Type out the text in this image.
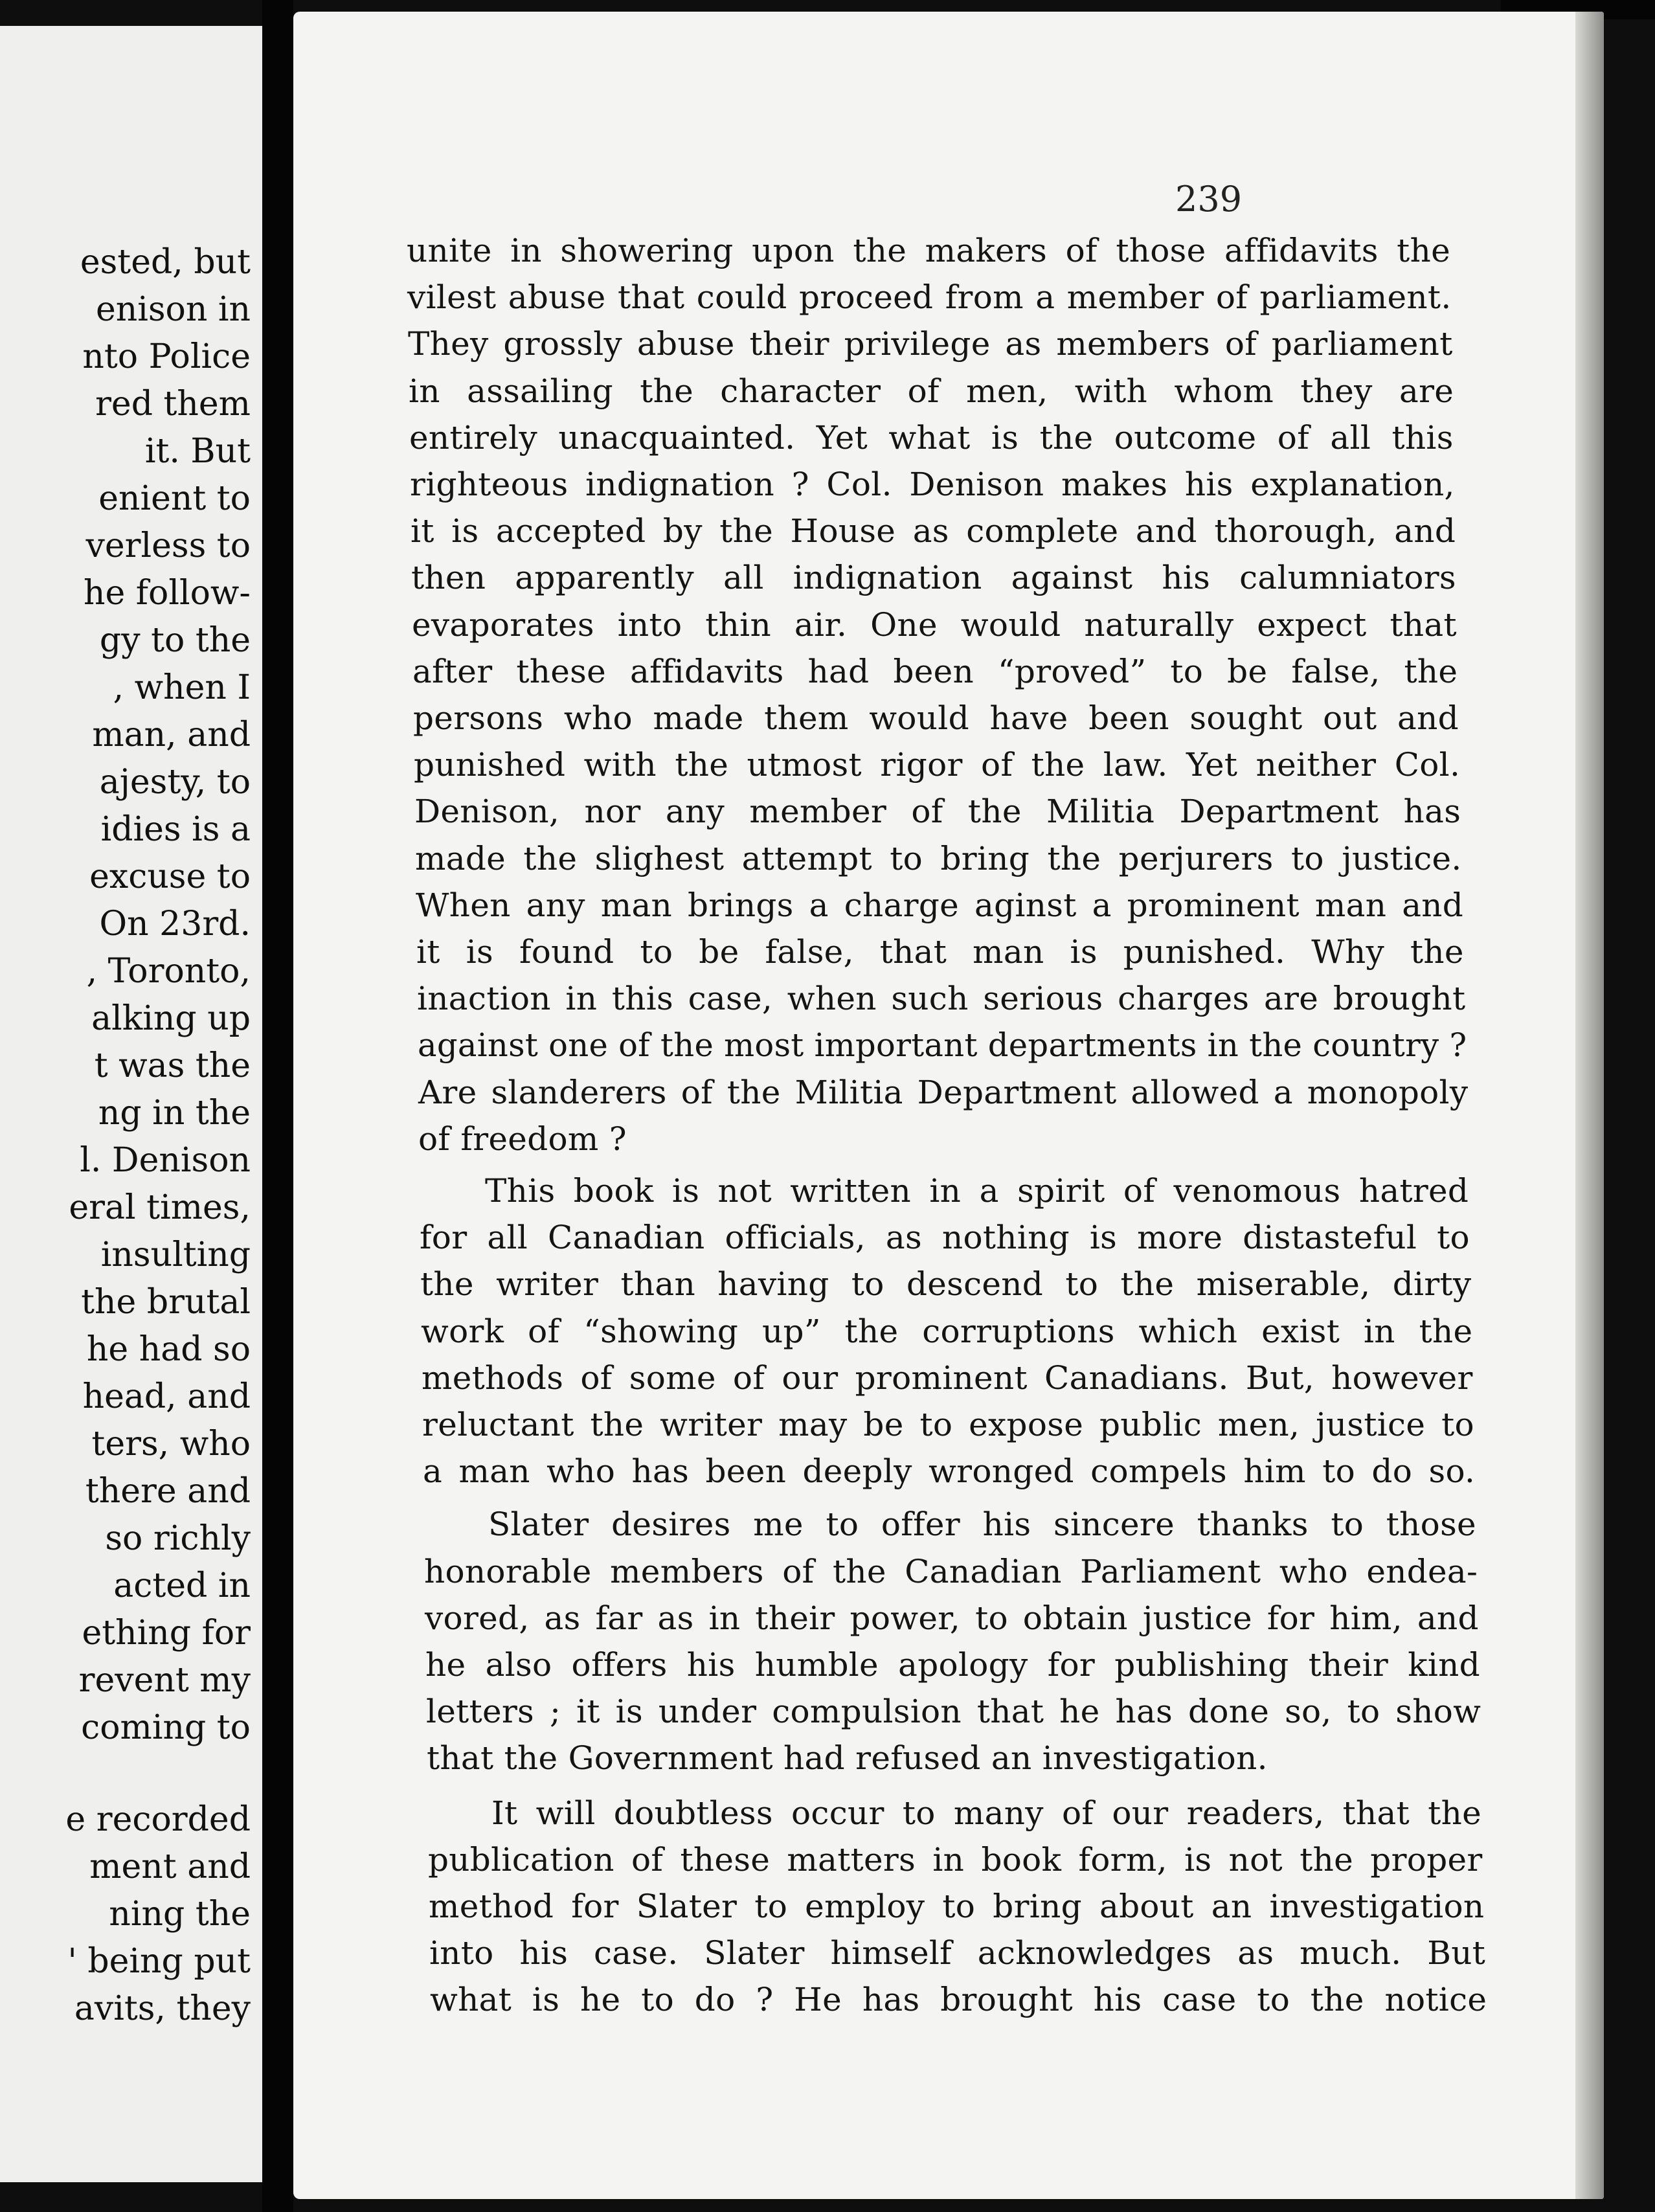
ested, but
enison in
nto Police
red them
it. But
enient to
verless to
he follow-
gy to the
, when I
man, and
ajesty, to
idies is a
excuse to
On 23rd.
, Toronto,
alking up
t was the
ng in the
l. Denison
eral times,
insulting
the brutal
he had so
head, and
ters, who
there and
so richly
acted in
ething for
revent my
coming to
e recorded
ment and
ning the
' being put
avits, they
239
unite in showering upon the makers of those affidavits the
vilest abuse that could proceed from a member of parliament.
They grossly abuse their privilege as members of parliament
in assailing the character of men, with whom they are
entirely unacquainted. Yet what is the outcome of all this
righteous indignation ? Col. Denison makes his explanation,
it is accepted by the House as complete and thorough, and
then apparently all indignation against his calumniators
evaporates into thin air. One would naturally expect that
after these affidavits had been “proved” to be false, the
persons who made them would have been sought out and
punished with the utmost rigor of the law. Yet neither Col.
Denison, nor any member of the Militia Department has
made the slighest attempt to bring the perjurers to justice.
When any man brings a charge aginst a prominent man and
it is found to be false, that man is punished. Why the
inaction in this case, when such serious charges are brought
against one of the most important departments in the country ?
Are slanderers of the Militia Department allowed a monopoly
of freedom ?
This book is not written in a spirit of venomous hatred
for all Canadian officials, as nothing is more distasteful to
the writer than having to descend to the miserable, dirty
work of “showing up” the corruptions which exist in the
methods of some of our prominent Canadians. But, however
reluctant the writer may be to expose public men, justice to
a man who has been deeply wronged compels him to do so.
Slater desires me to offer his sincere thanks to those
honorable members of the Canadian Parliament who endea-
vored, as far as in their power, to obtain justice for him, and
he also offers his humble apology for publishing their kind
letters ; it is under compulsion that he has done so, to show
that the Government had refused an investigation.
It will doubtless occur to many of our readers, that the
publication of these matters in book form, is not the proper
method for Slater to employ to bring about an investigation
into his case. Slater himself acknowledges as much. But
what is he to do ? He has brought his case to the notice
